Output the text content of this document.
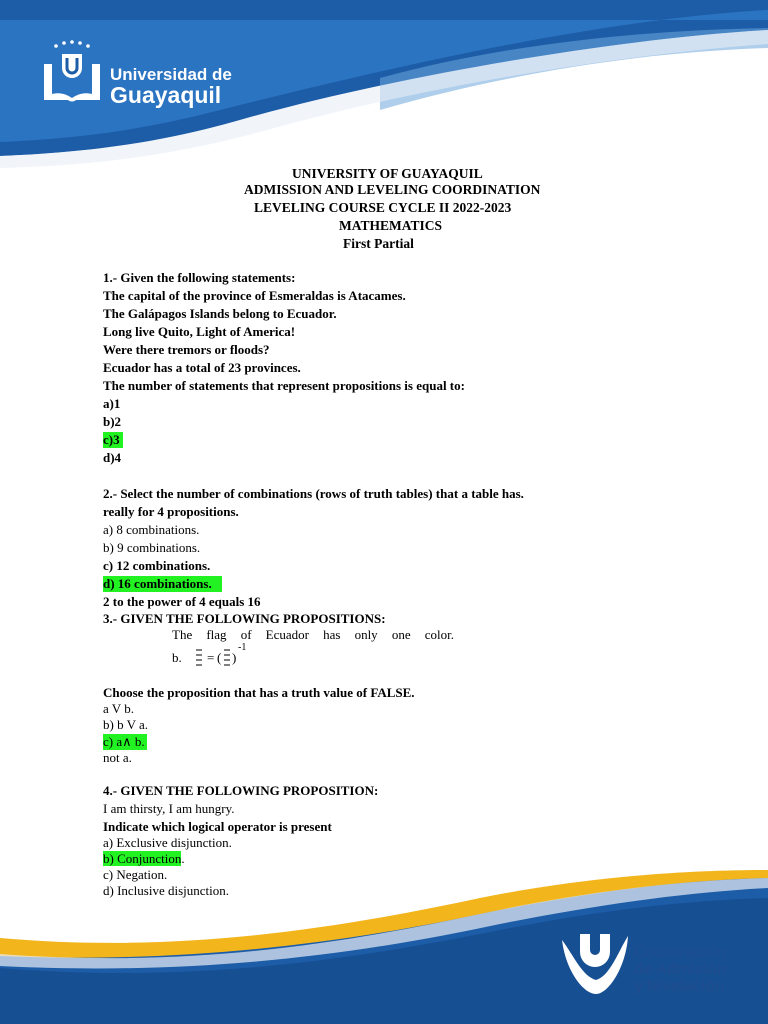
Universidad de
Guayaquil
UNIVERSITY OF GUAYAQUIL
ADMISSION AND LEVELING COORDINATION
LEVELING COURSE CYCLE II 2022-2023
MATHEMATICS
First Partial
1.- Given the following statements:
The capital of the province of Esmeraldas is Atacames.
The Galápagos Islands belong to Ecuador.
Long live Quito, Light of America!
Were there tremors or floods?
Ecuador has a total of 23 provinces.
The number of statements that represent propositions is equal to:
a)1
b)2
c)3
d)4
2.- Select the number of combinations (rows of truth tables) that a table has.
really for 4 propositions.
a) 8 combinations.
b) 9 combinations.
c) 12 combinations.
d) 16 combinations.
2 to the power of 4 equals 16
3.- GIVEN THE FOLLOWING PROPOSITIONS:
The flag of Ecuador has only one color.
b. = ( )
-1
Choose the proposition that has a truth value of FALSE.
a V b.
b) b V a.
c) a∧ b.
not a.
4.- GIVEN THE FOLLOWING PROPOSITION:
I am thirsty, I am hungry.
Indicate which logical operator is present
a) Exclusive disjunction.
b) Conjunction.
c) Negation.
d) Inclusive disjunction.
Coordinación
de Admisión
y Nivelación
